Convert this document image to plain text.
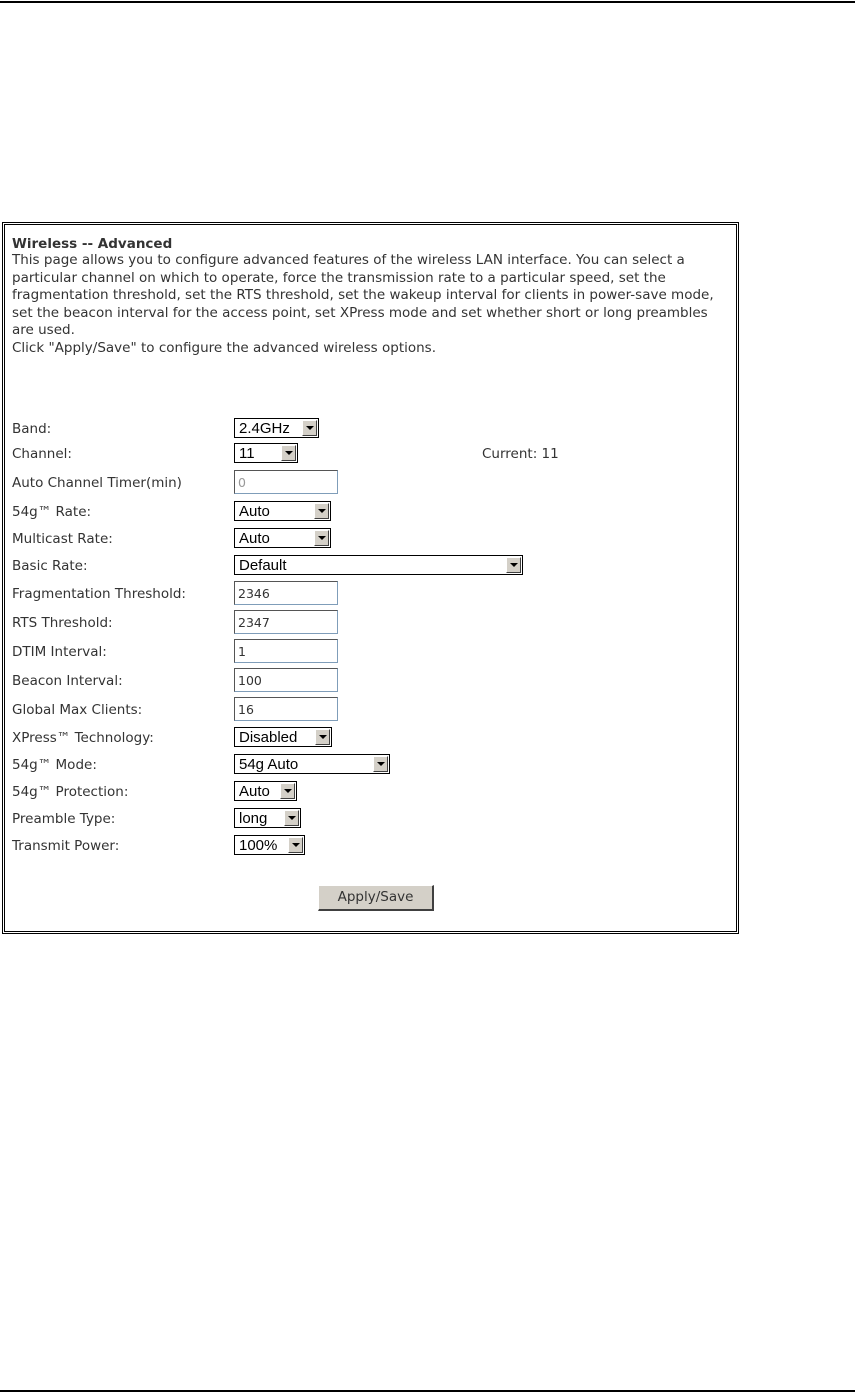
Wireless -- Advanced
This page allows you to configure advanced features of the wireless LAN interface. You can select a particular channel on which to operate, force the transmission rate to a particular speed, set the fragmentation threshold, set the RTS threshold, set the wakeup interval for clients in power-save mode, set the beacon interval for the access point, set XPress mode and set whether short or long preambles are used.
Click "Apply/Save" to configure the advanced wireless options.
Band:	2.4GHz
Channel:	11	Current: 11
Auto Channel Timer(min)	0
54g™ Rate:	Auto
Multicast Rate:	Auto
Basic Rate:	Default
Fragmentation Threshold:	2346
RTS Threshold:	2347
DTIM Interval:	1
Beacon Interval:	100
Global Max Clients:	16
XPress™ Technology:	Disabled
54g™ Mode:	54g Auto
54g™ Protection:	Auto
Preamble Type:	long
Transmit Power:	100%
Apply/Save
